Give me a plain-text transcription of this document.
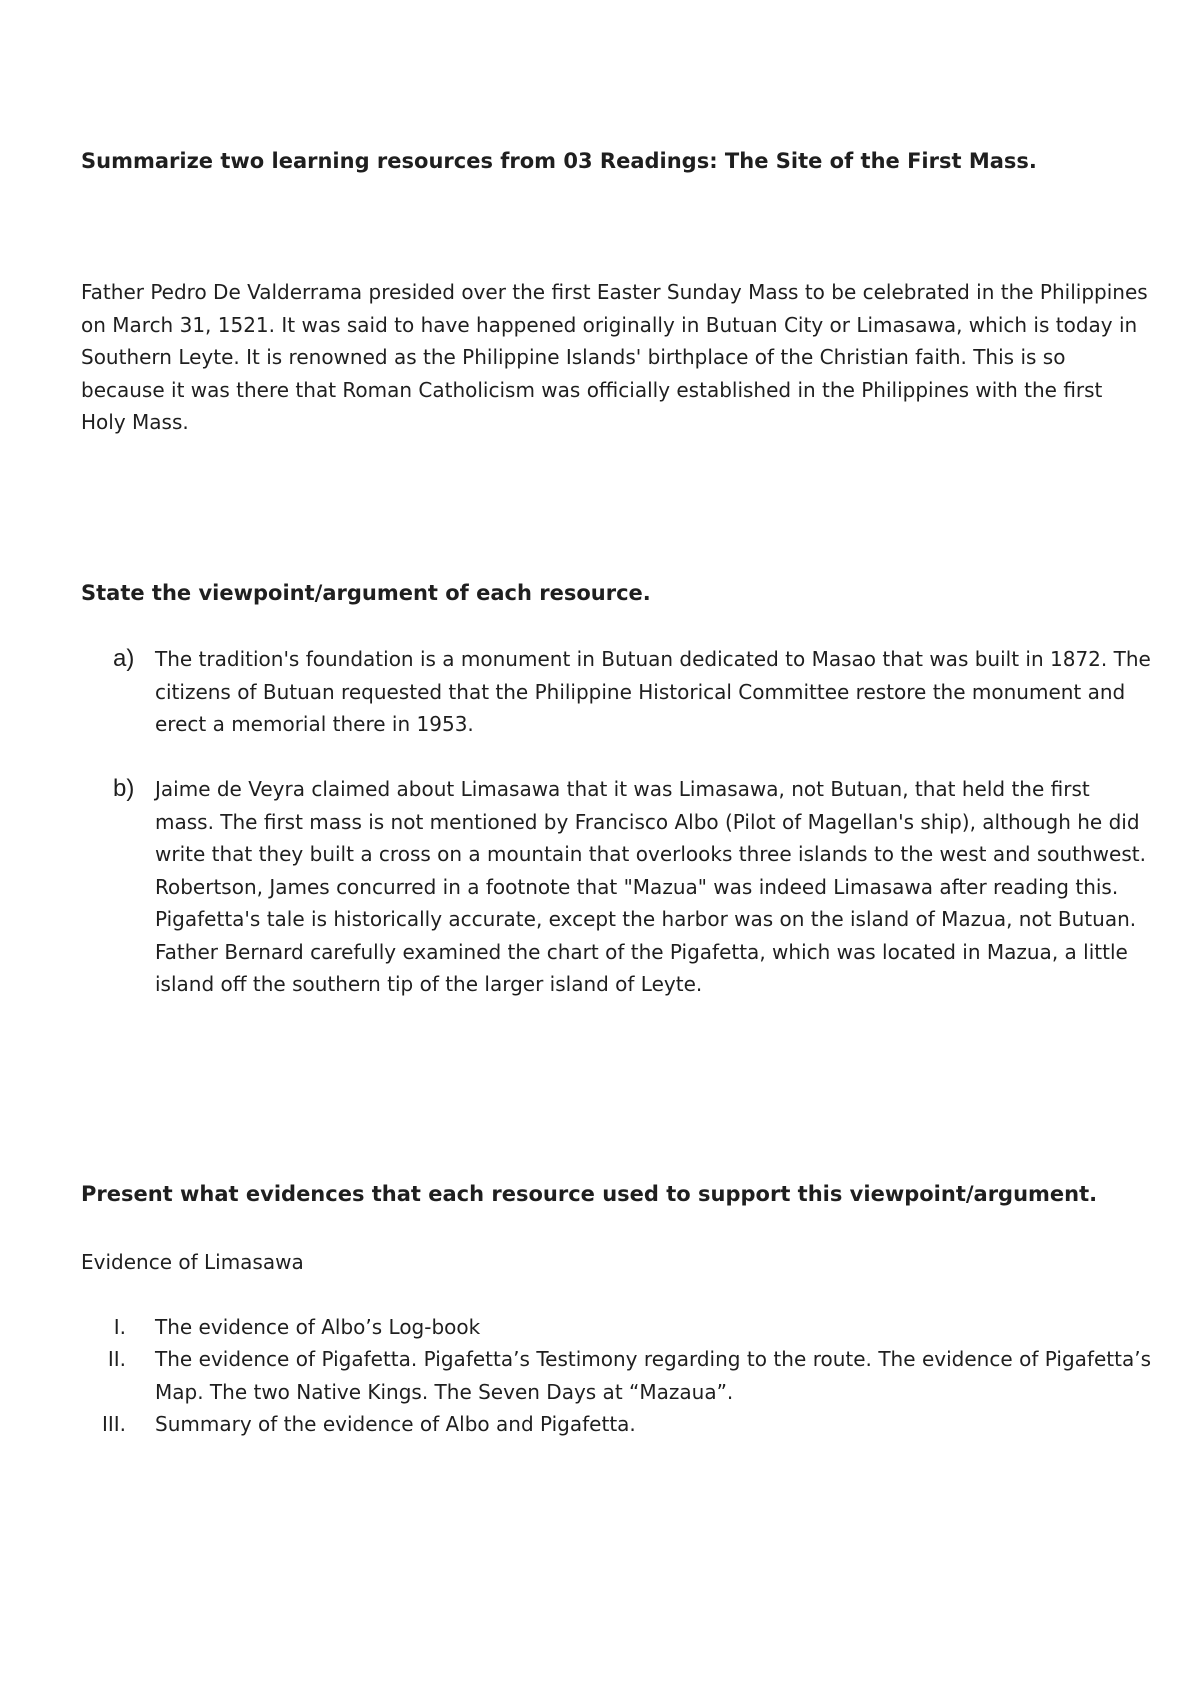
Summarize two learning resources from 03 Readings: The Site of the First Mass.

Father Pedro De Valderrama presided over the first Easter Sunday Mass to be celebrated in the Philippines on March 31, 1521. It was said to have happened originally in Butuan City or Limasawa, which is today in Southern Leyte. It is renowned as the Philippine Islands' birthplace of the Christian faith. This is so because it was there that Roman Catholicism was officially established in the Philippines with the first Holy Mass.

State the viewpoint/argument of each resource.
a) The tradition's foundation is a monument in Butuan dedicated to Masao that was built in 1872. The citizens of Butuan requested that the Philippine Historical Committee restore the monument and erect a memorial there in 1953.
b) Jaime de Veyra claimed about Limasawa that it was Limasawa, not Butuan, that held the first mass. The first mass is not mentioned by Francisco Albo (Pilot of Magellan's ship), although he did write that they built a cross on a mountain that overlooks three islands to the west and southwest. Robertson, James concurred in a footnote that "Mazua" was indeed Limasawa after reading this. Pigafetta's tale is historically accurate, except the harbor was on the island of Mazua, not Butuan. Father Bernard carefully examined the chart of the Pigafetta, which was located in Mazua, a little island off the southern tip of the larger island of Leyte.
Present what evidences that each resource used to support this viewpoint/argument.

Evidence of Limasawa

I. The evidence of Albo’s Log-book
II. The evidence of Pigafetta. Pigafetta’s Testimony regarding to the route. The evidence of Pigafetta’s Map. The two Native Kings. The Seven Days at “Mazaua”.
III. Summary of the evidence of Albo and Pigafetta.
